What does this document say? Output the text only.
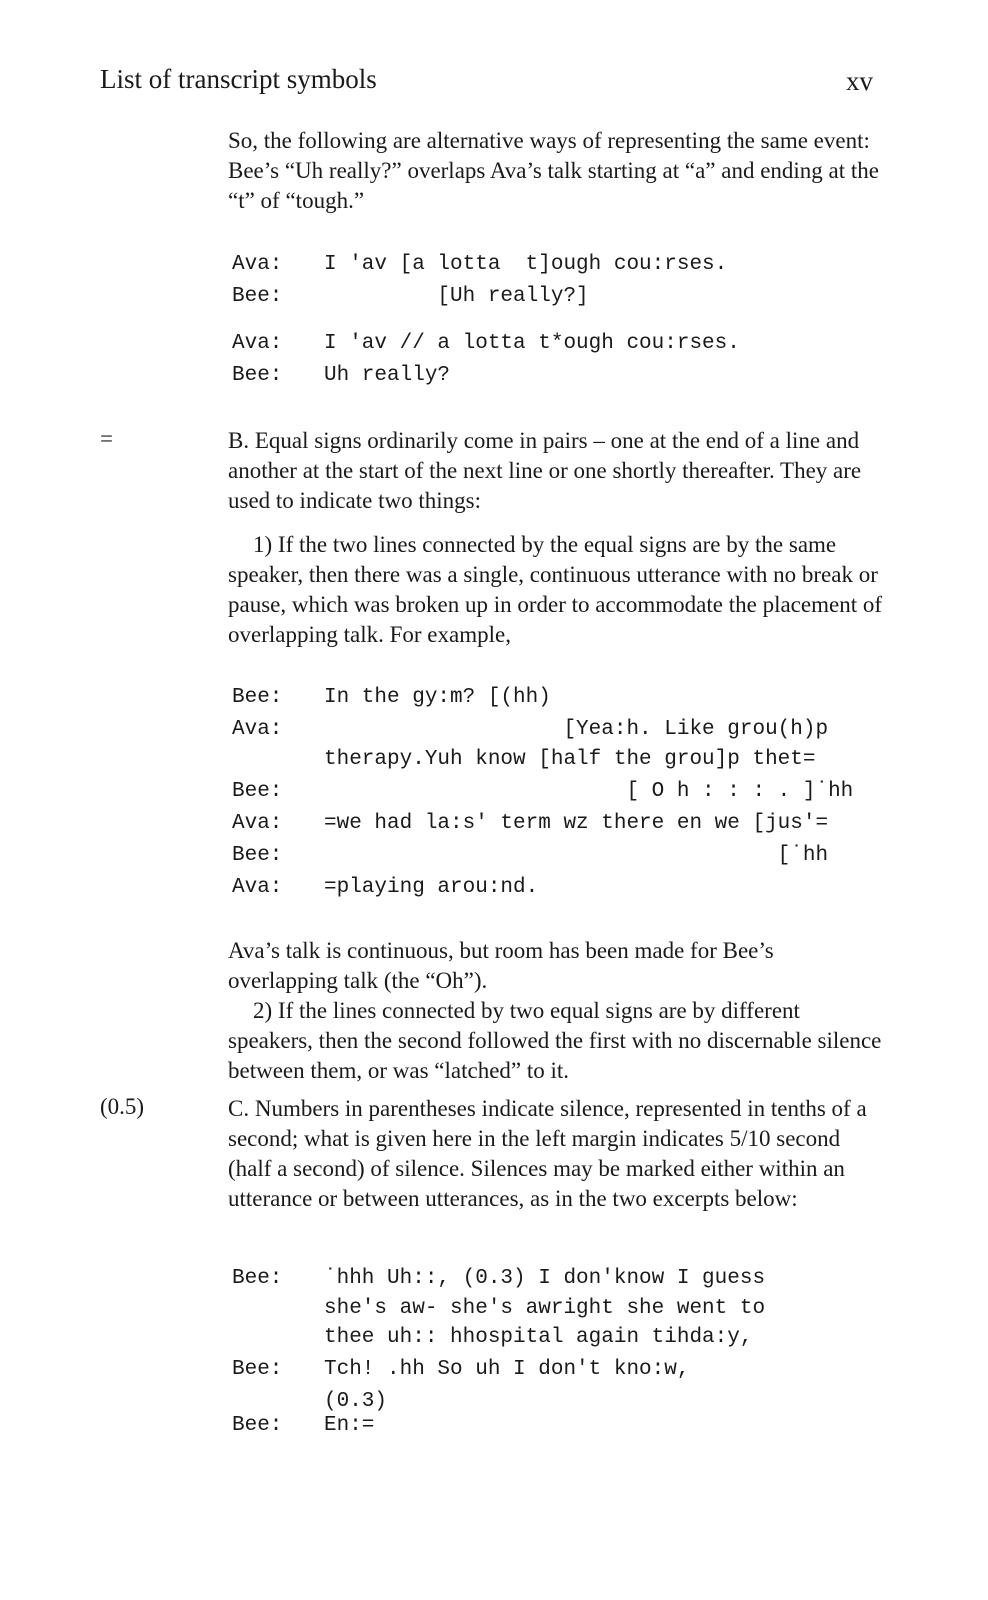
List of transcript symbols	xv

So, the following are alternative ways of representing the same event: Bee’s “Uh really?” overlaps Ava’s talk starting at “a” and ending at the “t” of “tough.”

Ava: I 'av [a lotta  t]ough cou:rses.
Bee: [Uh really?]
Ava: I 'av // a lotta t*ough cou:rses.
Bee: Uh really?
=	B. Equal signs ordinarily come in pairs – one at the end of a line and another at the start of the next line or one shortly thereafter. They are used to indicate two things:

1) If the two lines connected by the equal signs are by the same speaker, then there was a single, continuous utterance with no break or pause, which was broken up in order to accommodate the placement of overlapping talk. For example,

Bee: In the gy:m? [(hh)
Ava: [Yea:h. Like grou(h)p
therapy.Yuh know [half the grou]p thet=
Bee: [ O h : : : . ]˙hh
Ava: =we had la:s' term wz there en we [jus'=
Bee: [˙hh
Ava: =playing arou:nd.

Ava’s talk is continuous, but room has been made for Bee’s overlapping talk (the “Oh”).

2) If the lines connected by two equal signs are by different speakers, then the second followed the first with no discernable silence between them, or was “latched” to it.

(0.5)	C. Numbers in parentheses indicate silence, represented in tenths of a second; what is given here in the left margin indicates 5/10 second (half a second) of silence. Silences may be marked either within an utterance or between utterances, as in the two excerpts below:

Bee: ˙hhh Uh::, (0.3) I don'know I guess
she's aw- she's awright she went to
thee uh:: hhospital again tihda:y,
Bee: Tch! .hh So uh I don't kno:w,
(0.3)
Bee: En:=
